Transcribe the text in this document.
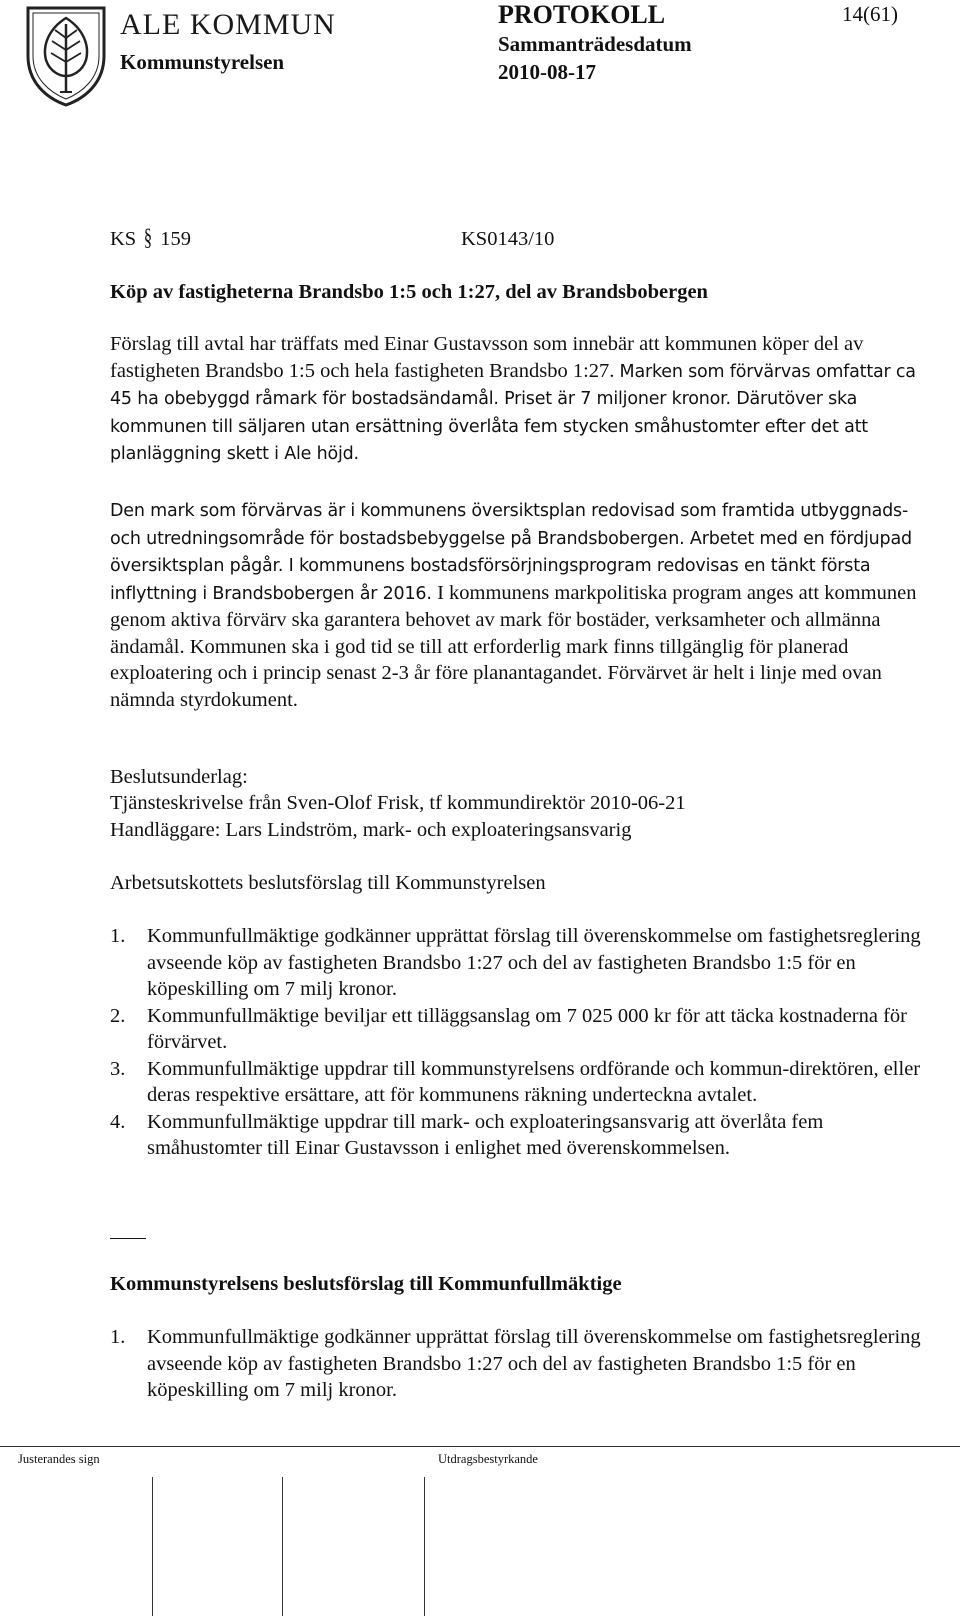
ALE KOMMUN
Kommunstyrelsen
PROTOKOLL	14(61)
Sammanträdesdatum
2010-08-17
KS § 159	KS0143/10
Köp av fastigheterna Brandsbo 1:5 och 1:27, del av Brandsbobergen
Förslag till avtal har träffats med Einar Gustavsson som innebär att kommunen köper del av fastigheten Brandsbo 1:5 och hela fastigheten Brandsbo 1:27. Marken som förvärvas omfattar ca 45 ha obebyggd råmark för bostadsändamål. Priset är 7 miljoner kronor. Därutöver ska kommunen till säljaren utan ersättning överlåta fem stycken småhustomter efter det att planläggning skett i Ale höjd.
Den mark som förvärvas är i kommunens översiktsplan redovisad som framtida utbyggnads- och utredningsområde för bostadsbebyggelse på Brandsbobergen. Arbetet med en fördjupad översiktsplan pågår. I kommunens bostadsförsörjningsprogram redovisas en tänkt första inflyttning i Brandsbobergen år 2016. I kommunens markpolitiska program anges att kommunen genom aktiva förvärv ska garantera behovet av mark för bostäder, verksamheter och allmänna ändamål. Kommunen ska i god tid se till att erforderlig mark finns tillgänglig för planerad exploatering och i princip senast 2-3 år före planantagandet. Förvärvet är helt i linje med ovan nämnda styrdokument.
Beslutsunderlag:
Tjänsteskrivelse från Sven-Olof Frisk, tf kommundirektör 2010-06-21
Handläggare: Lars Lindström, mark- och exploateringsansvarig
Arbetsutskottets beslutsförslag till Kommunstyrelsen
1. Kommunfullmäktige godkänner upprättat förslag till överenskommelse om fastighetsreglering avseende köp av fastigheten Brandsbo 1:27 och del av fastigheten Brandsbo 1:5 för en köpeskilling om 7 milj kronor.
2. Kommunfullmäktige beviljar ett tilläggsanslag om 7 025 000 kr för att täcka kostnaderna för förvärvet.
3. Kommunfullmäktige uppdrar till kommunstyrelsens ordförande och kommun-direktören, eller deras respektive ersättare, att för kommunens räkning underteckna avtalet.
4. Kommunfullmäktige uppdrar till mark- och exploateringsansvarig att överlåta fem småhustomter till Einar Gustavsson i enlighet med överenskommelsen.
Kommunstyrelsens beslutsförslag till Kommunfullmäktige
1. Kommunfullmäktige godkänner upprättat förslag till överenskommelse om fastighetsreglering avseende köp av fastigheten Brandsbo 1:27 och del av fastigheten Brandsbo 1:5 för en köpeskilling om 7 milj kronor.
Justerandes sign	Utdragsbestyrkande
